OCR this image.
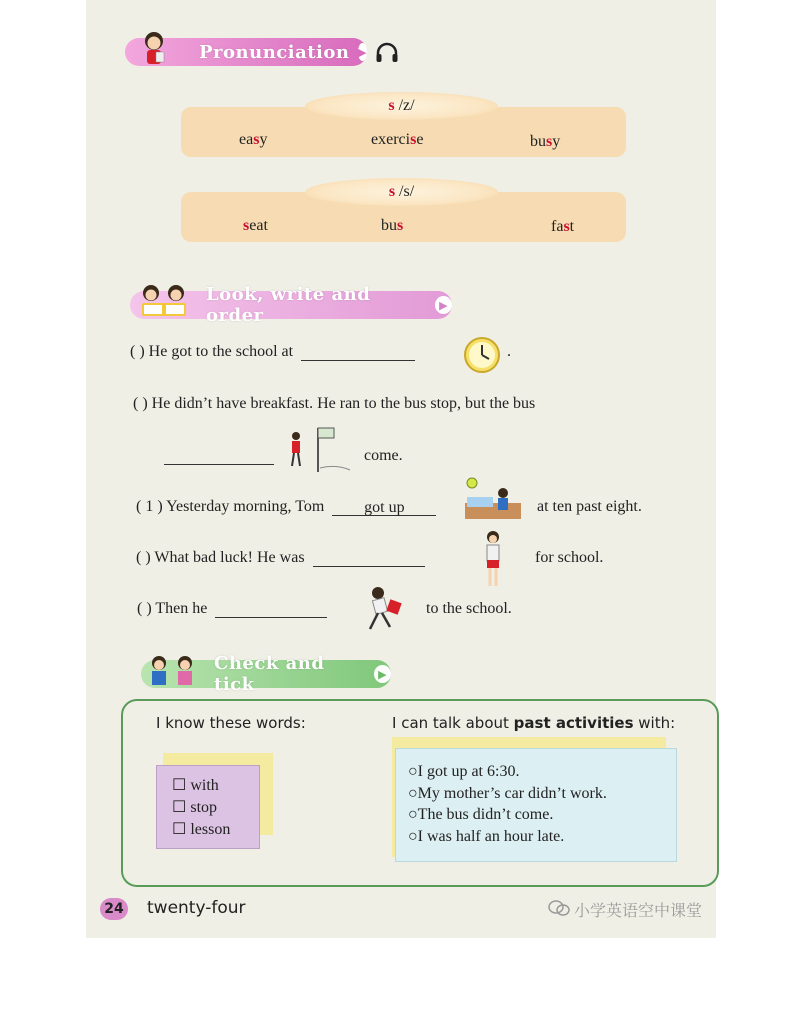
Pronunciation ▶
s /z/
easy	exercise	busy
s /s/
seat	bus	fast
Look, write and order	▶
( ) He got to the school at	.
( ) He didn’t have breakfast. He ran to the bus stop, but the bus
come.
( 1 ) Yesterday morning, Tom got up	at ten past eight.
( ) What bad luck! He was	for school.
( ) Then he	to the school.
Check and tick	▶
I know these words:	I can talk about past activities with:
☐ with
☐ stop
☐ lesson
○I got up at 6:30.
○My mother’s car didn’t work.
○The bus didn’t come.
○I was half an hour late.
24 twenty-four	小学英语空中课堂
